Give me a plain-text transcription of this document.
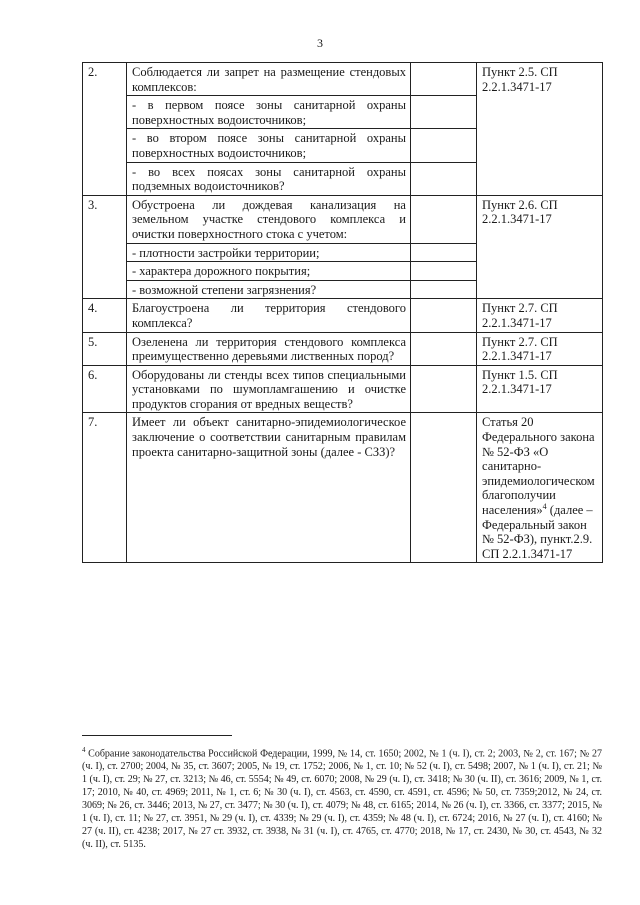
3
2.	Соблюдается ли запрет на размещение стендовых комплексов:		Пункт 2.5. СП 2.2.1.3471-17
	- в первом поясе зоны санитарной охраны поверхностных водоисточников;		
	- во втором поясе зоны санитарной охраны поверхностных водоисточников;		
	- во всех поясах зоны санитарной охраны подземных водоисточников?		
3.	Обустроена ли дождевая канализация на земельном участке стендового комплекса и очистки поверхностного стока с учетом:		Пункт 2.6. СП 2.2.1.3471-17
	- плотности застройки территории;		
	- характера дорожного покрытия;		
	- возможной степени загрязнения?		
4.	Благоустроена ли территория стендового комплекса?		Пункт 2.7. СП 2.2.1.3471-17
5.	Озеленена ли территория стендового комплекса преимущественно деревьями лиственных пород?		Пункт 2.7. СП 2.2.1.3471-17
6.	Оборудованы ли стенды всех типов специальными установками по шумопламгашению и очистке продуктов сгорания от вредных веществ?		Пункт 1.5. СП 2.2.1.3471-17
7.	Имеет ли объект санитарно-эпидемиологическое заключение о соответствии санитарным правилам проекта санитарно-защитной зоны (далее - СЗЗ)?		Статья 20 Федерального закона № 52-ФЗ «О санитарно-эпидемиологическом благополучии населения»$^4$ (далее – Федеральный закон № 52-ФЗ), пункт.2.9. СП 2.2.1.3471-17
$^4$ Собрание законодательства Российской Федерации, 1999, № 14, ст. 1650; 2002, № 1 (ч. I), ст. 2; 2003, № 2, ст. 167; № 27 (ч. I), ст. 2700; 2004, № 35, ст. 3607; 2005, № 19, ст. 1752; 2006, № 1, ст. 10; № 52 (ч. I), ст. 5498; 2007, № 1 (ч. I), ст. 21; № 1 (ч. I), ст. 29; № 27, ст. 3213; № 46, ст. 5554; № 49, ст. 6070; 2008, № 29 (ч. I), ст. 3418; № 30 (ч. II), ст. 3616; 2009, № 1, ст. 17; 2010, № 40, ст. 4969; 2011, № 1, ст. 6; № 30 (ч. I), ст. 4563, ст. 4590, ст. 4591, ст. 4596; № 50, ст. 7359;2012, № 24, ст. 3069; № 26, ст. 3446; 2013, № 27, ст. 3477; № 30 (ч. I), ст. 4079; № 48, ст. 6165; 2014, № 26 (ч. I), ст. 3366, ст. 3377; 2015, № 1 (ч. I), ст. 11; № 27, ст. 3951, № 29 (ч. I), ст. 4339; № 29 (ч. I), ст. 4359; № 48 (ч. I), ст. 6724; 2016, № 27 (ч. I), ст. 4160; № 27 (ч. II), ст. 4238; 2017, № 27 ст. 3932, ст. 3938, № 31 (ч. I), ст. 4765, ст. 4770; 2018, № 17, ст. 2430, № 30, ст. 4543, № 32 (ч. II), ст. 5135.
